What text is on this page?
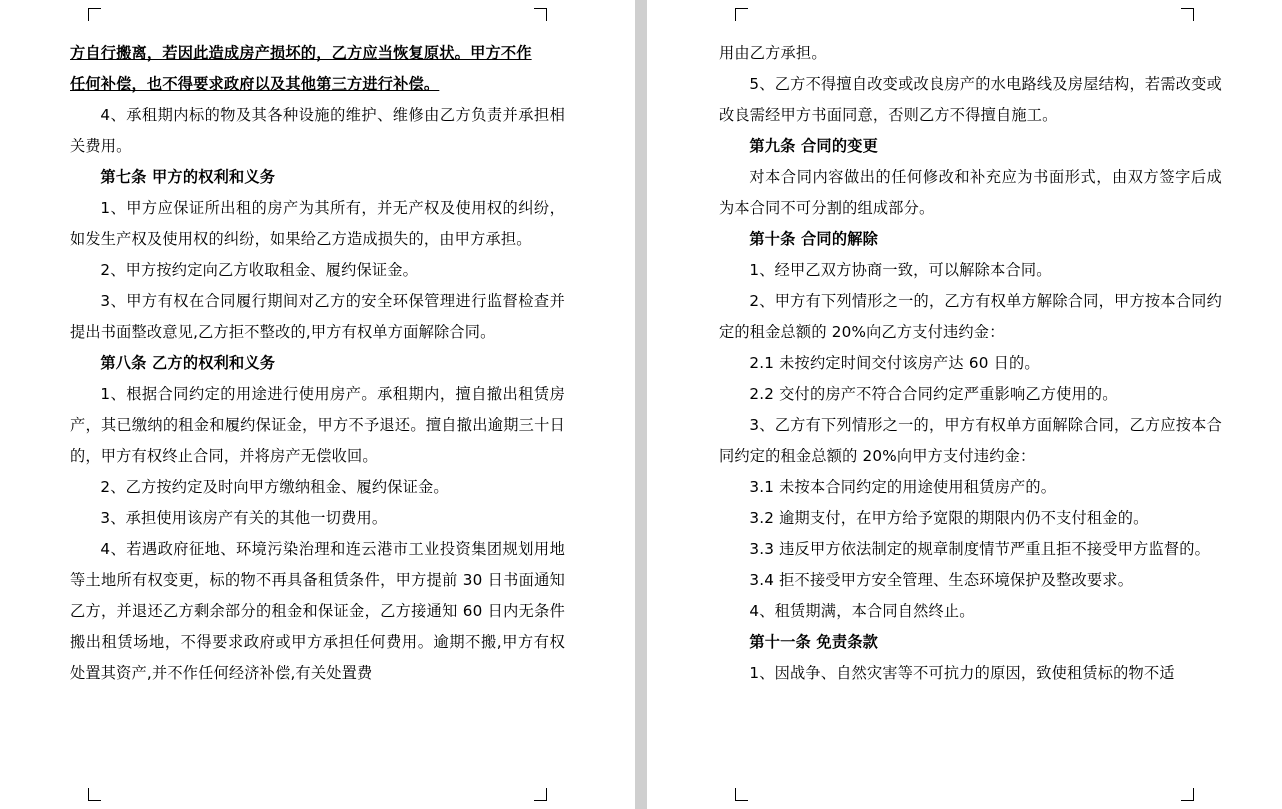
方自行搬离，若因此造成房产损坏的，乙方应当恢复原状。甲方不作

任何补偿，也不得要求政府以及其他第三方进行补偿。

4、承租期内标的物及其各种设施的维护、维修由乙方负责并承担相关费用。

第七条 甲方的权利和义务

1、甲方应保证所出租的房产为其所有，并无产权及使用权的纠纷，如发生产权及使用权的纠纷，如果给乙方造成损失的，由甲方承担。

2、甲方按约定向乙方收取租金、履约保证金。

3、甲方有权在合同履行期间对乙方的安全环保管理进行监督检查并提出书面整改意见,乙方拒不整改的,甲方有权单方面解除合同。

第八条 乙方的权利和义务

1、根据合同约定的用途进行使用房产。承租期内，擅自撤出租赁房产，其已缴纳的租金和履约保证金，甲方不予退还。擅自撤出逾期三十日的，甲方有权终止合同，并将房产无偿收回。

2、乙方按约定及时向甲方缴纳租金、履约保证金。

3、承担使用该房产有关的其他一切费用。

4、若遇政府征地、环境污染治理和连云港市工业投资集团规划用地等土地所有权变更，标的物不再具备租赁条件，甲方提前 30 日书面通知乙方，并退还乙方剩余部分的租金和保证金，乙方接通知 60 日内无条件搬出租赁场地，不得要求政府或甲方承担任何费用。逾期不搬,甲方有权处置其资产,并不作任何经济补偿,有关处置费

用由乙方承担。

5、乙方不得擅自改变或改良房产的水电路线及房屋结构，若需改变或改良需经甲方书面同意，否则乙方不得擅自施工。

第九条 合同的变更

对本合同内容做出的任何修改和补充应为书面形式，由双方签字后成为本合同不可分割的组成部分。

第十条 合同的解除

1、经甲乙双方协商一致，可以解除本合同。

2、甲方有下列情形之一的，乙方有权单方解除合同，甲方按本合同约定的租金总额的 20%向乙方支付违约金：

2.1 未按约定时间交付该房产达 60 日的。

2.2 交付的房产不符合合同约定严重影响乙方使用的。

3、乙方有下列情形之一的，甲方有权单方面解除合同，乙方应按本合同约定的租金总额的 20%向甲方支付违约金：

3.1 未按本合同约定的用途使用租赁房产的。

3.2 逾期支付，在甲方给予宽限的期限内仍不支付租金的。

3.3 违反甲方依法制定的规章制度情节严重且拒不接受甲方监督的。

3.4 拒不接受甲方安全管理、生态环境保护及整改要求。

4、租赁期满，本合同自然终止。

第十一条 免责条款

1、因战争、自然灾害等不可抗力的原因，致使租赁标的物不适
